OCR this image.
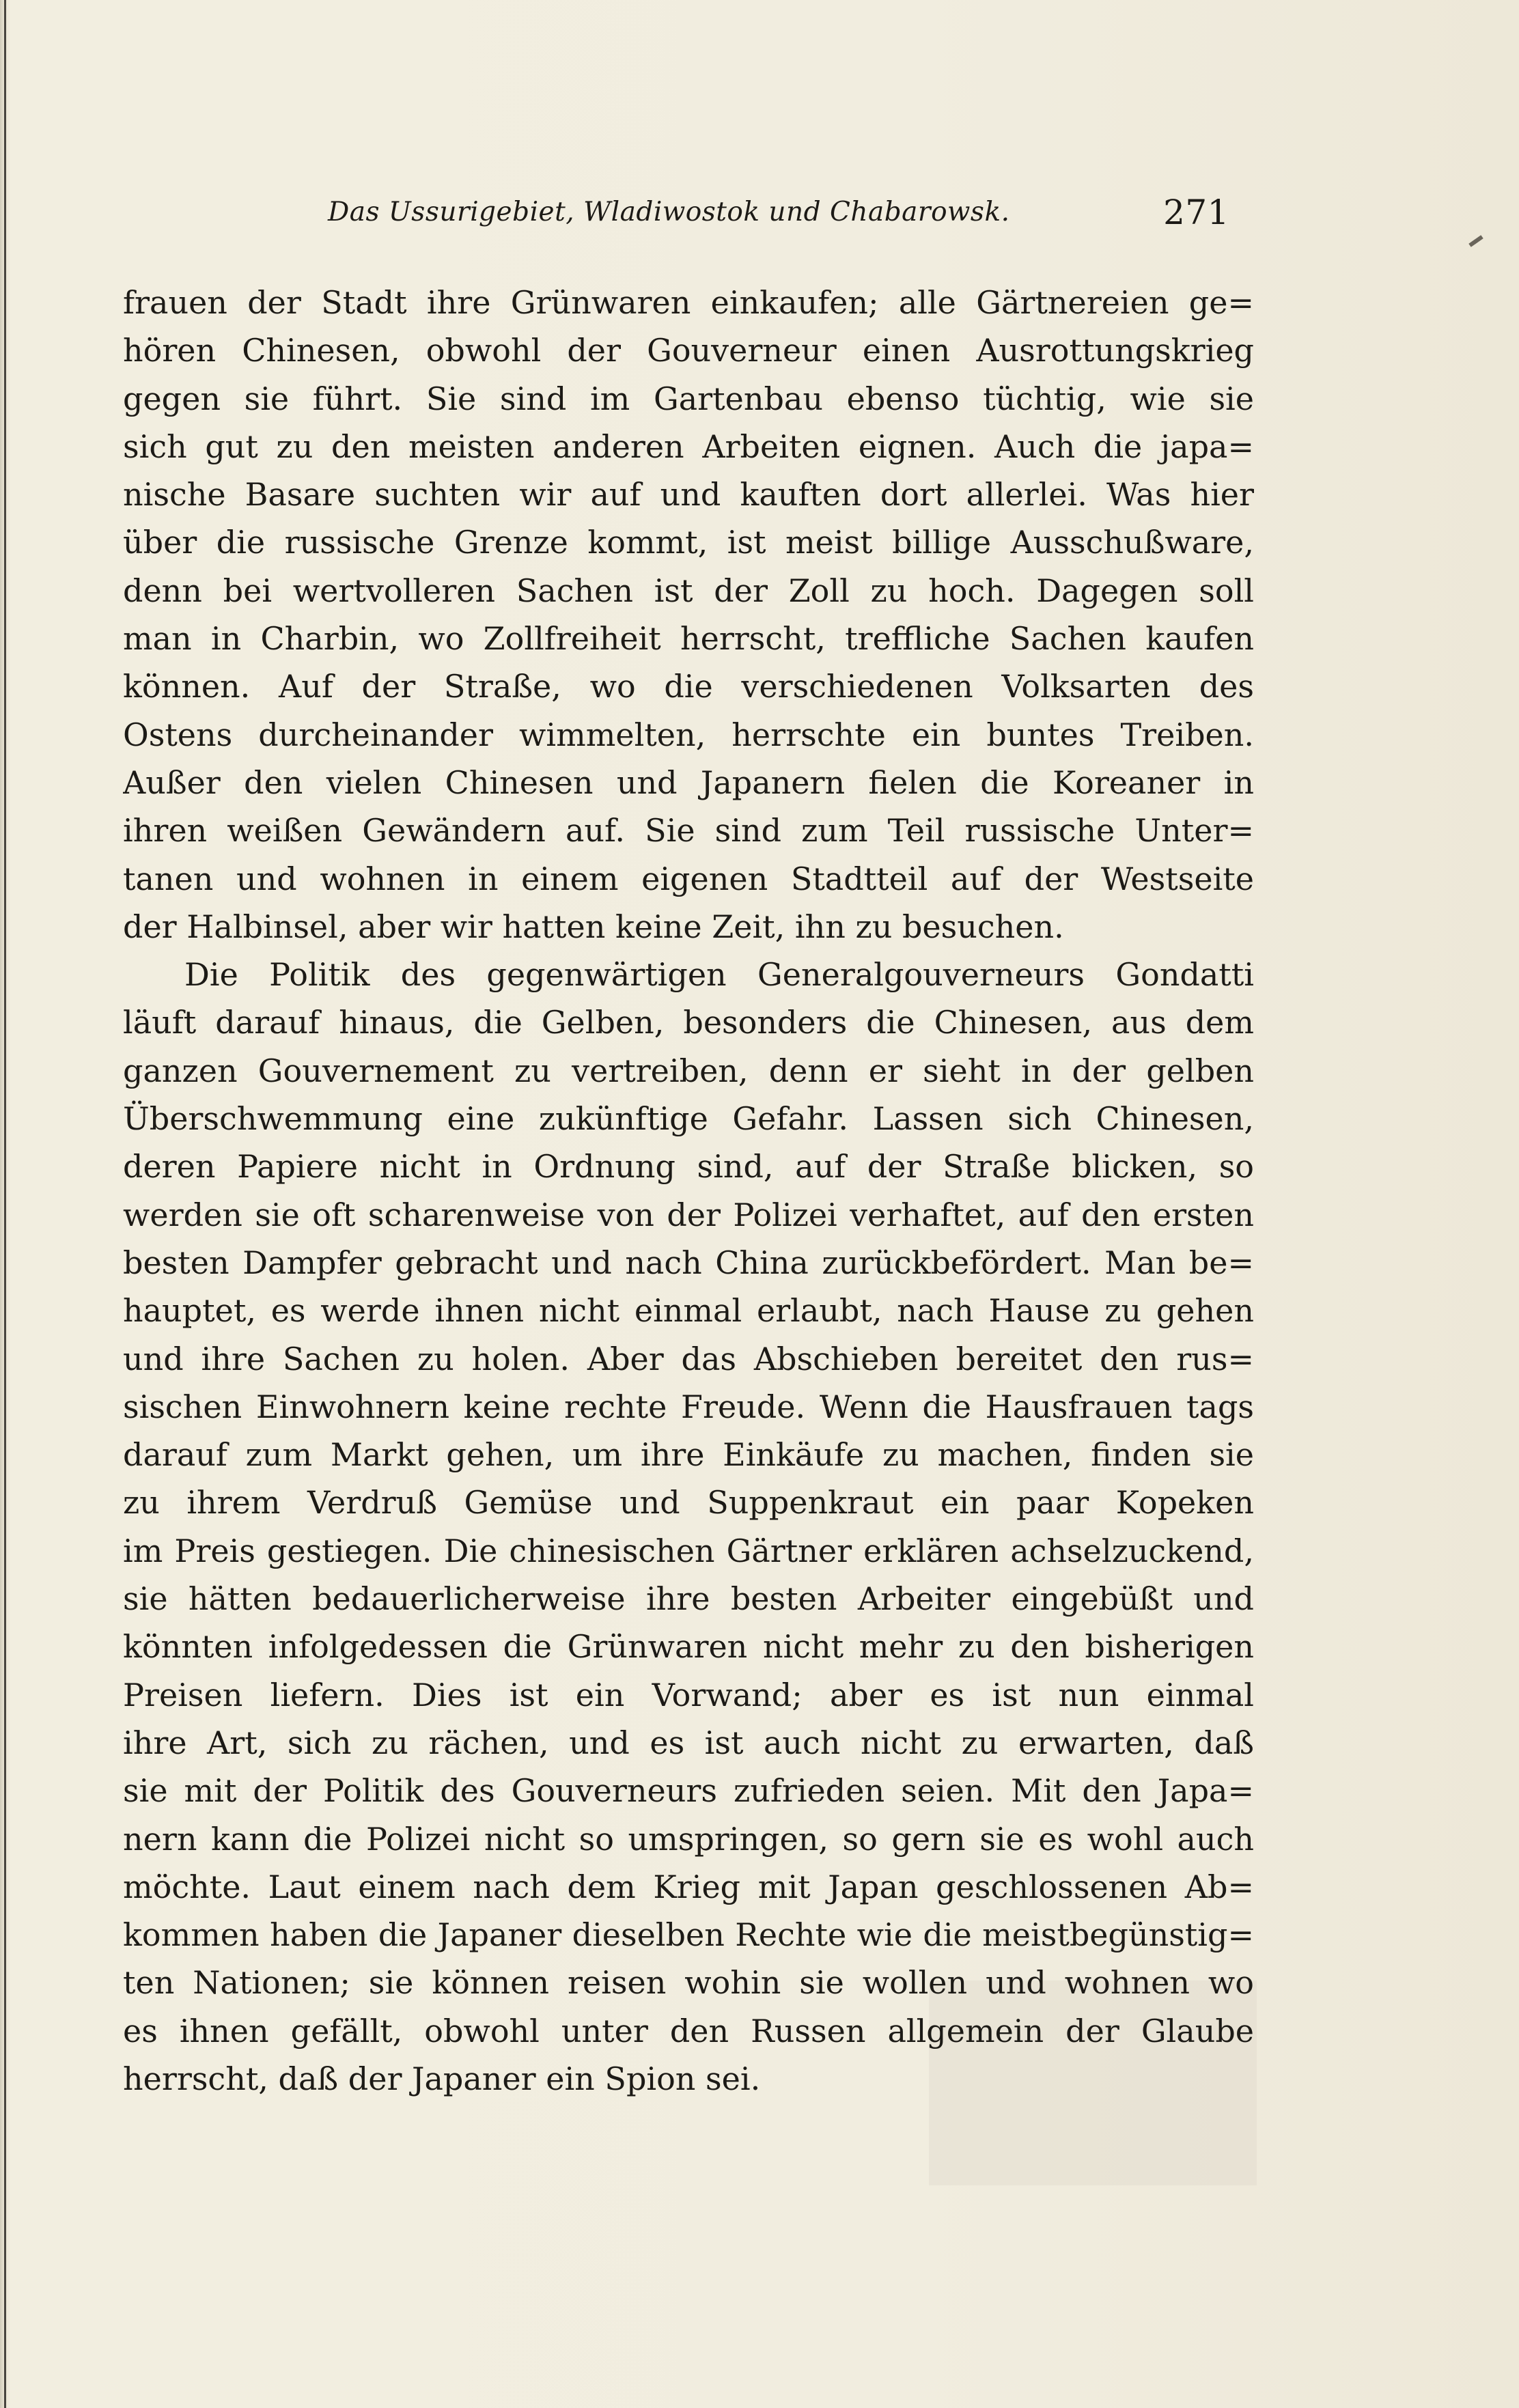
Das Ussurigebiet, Wladiwostok und Chabarowsk.	271
frauen der Stadt ihre Grünwaren einkaufen; alle Gärtnereien ge=
hören Chinesen, obwohl der Gouverneur einen Ausrottungskrieg
gegen sie führt. Sie sind im Gartenbau ebenso tüchtig, wie sie
sich gut zu den meisten anderen Arbeiten eignen. Auch die japa=
nische Basare suchten wir auf und kauften dort allerlei. Was hier
über die russische Grenze kommt, ist meist billige Ausschußware,
denn bei wertvolleren Sachen ist der Zoll zu hoch. Dagegen soll
man in Charbin, wo Zollfreiheit herrscht, treffliche Sachen kaufen
können. Auf der Straße, wo die verschiedenen Volksarten des
Ostens durcheinander wimmelten, herrschte ein buntes Treiben.
Außer den vielen Chinesen und Japanern fielen die Koreaner in
ihren weißen Gewändern auf. Sie sind zum Teil russische Unter=
tanen und wohnen in einem eigenen Stadtteil auf der Westseite
der Halbinsel, aber wir hatten keine Zeit, ihn zu besuchen.
Die Politik des gegenwärtigen Generalgouverneurs Gondatti
läuft darauf hinaus, die Gelben, besonders die Chinesen, aus dem
ganzen Gouvernement zu vertreiben, denn er sieht in der gelben
Überschwemmung eine zukünftige Gefahr. Lassen sich Chinesen,
deren Papiere nicht in Ordnung sind, auf der Straße blicken, so
werden sie oft scharenweise von der Polizei verhaftet, auf den ersten
besten Dampfer gebracht und nach China zurückbefördert. Man be=
hauptet, es werde ihnen nicht einmal erlaubt, nach Hause zu gehen
und ihre Sachen zu holen. Aber das Abschieben bereitet den rus=
sischen Einwohnern keine rechte Freude. Wenn die Hausfrauen tags
darauf zum Markt gehen, um ihre Einkäufe zu machen, finden sie
zu ihrem Verdruß Gemüse und Suppenkraut ein paar Kopeken
im Preis gestiegen. Die chinesischen Gärtner erklären achselzuckend,
sie hätten bedauerlicherweise ihre besten Arbeiter eingebüßt und
könnten infolgedessen die Grünwaren nicht mehr zu den bisherigen
Preisen liefern. Dies ist ein Vorwand; aber es ist nun einmal
ihre Art, sich zu rächen, und es ist auch nicht zu erwarten, daß
sie mit der Politik des Gouverneurs zufrieden seien. Mit den Japa=
nern kann die Polizei nicht so umspringen, so gern sie es wohl auch
möchte. Laut einem nach dem Krieg mit Japan geschlossenen Ab=
kommen haben die Japaner dieselben Rechte wie die meistbegünstig=
ten Nationen; sie können reisen wohin sie wollen und wohnen wo
es ihnen gefällt, obwohl unter den Russen allgemein der Glaube
herrscht, daß der Japaner ein Spion sei.
